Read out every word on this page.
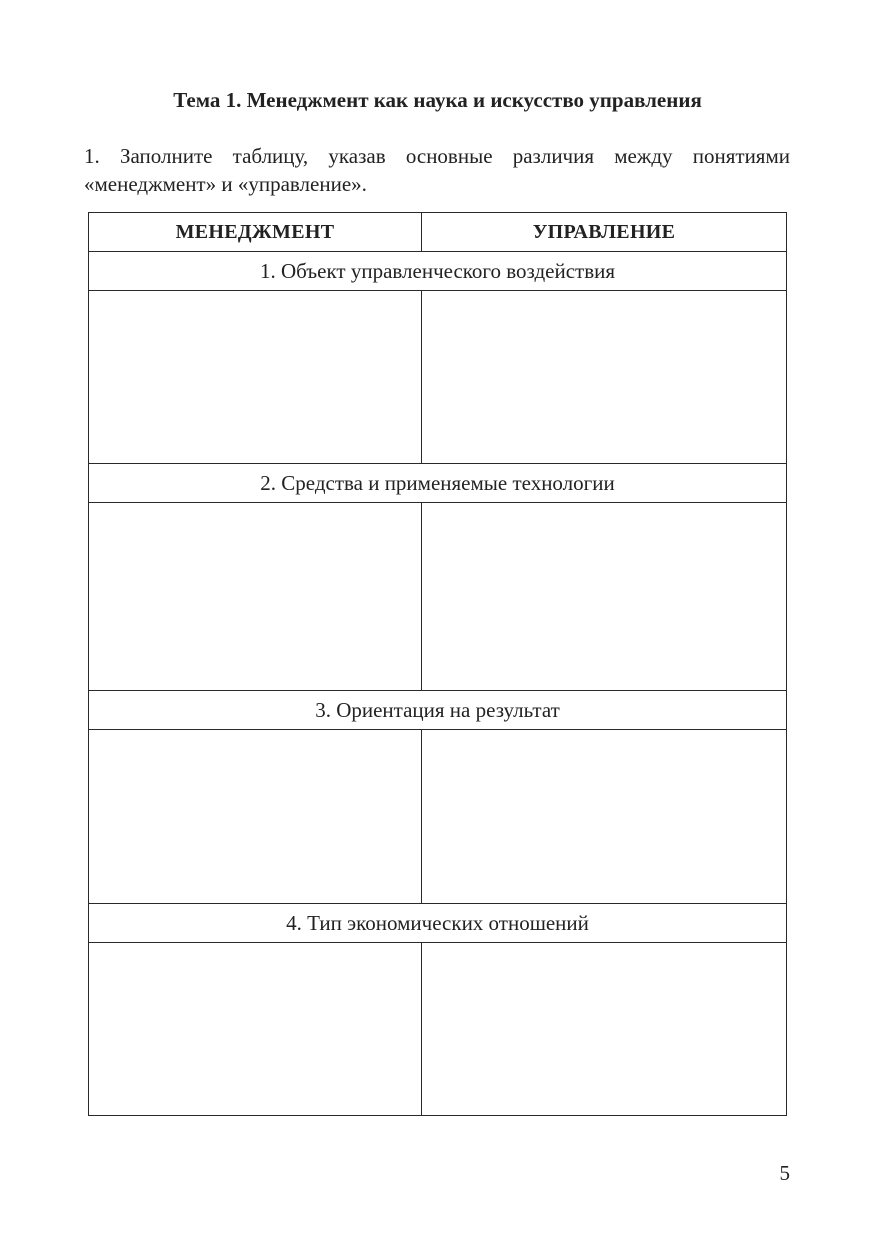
Тема 1. Менеджмент как наука и искусство управления

1. Заполните таблицу, указав основные различия между понятиями
«менеджмент» и «управление».

МЕНЕДЖМЕНТ	УПРАВЛЕНИЕ
1. Объект управленческого воздействия	

2. Средства и применяемые технологии	

3. Ориентация на результат	

4. Тип экономических отношений	

5
